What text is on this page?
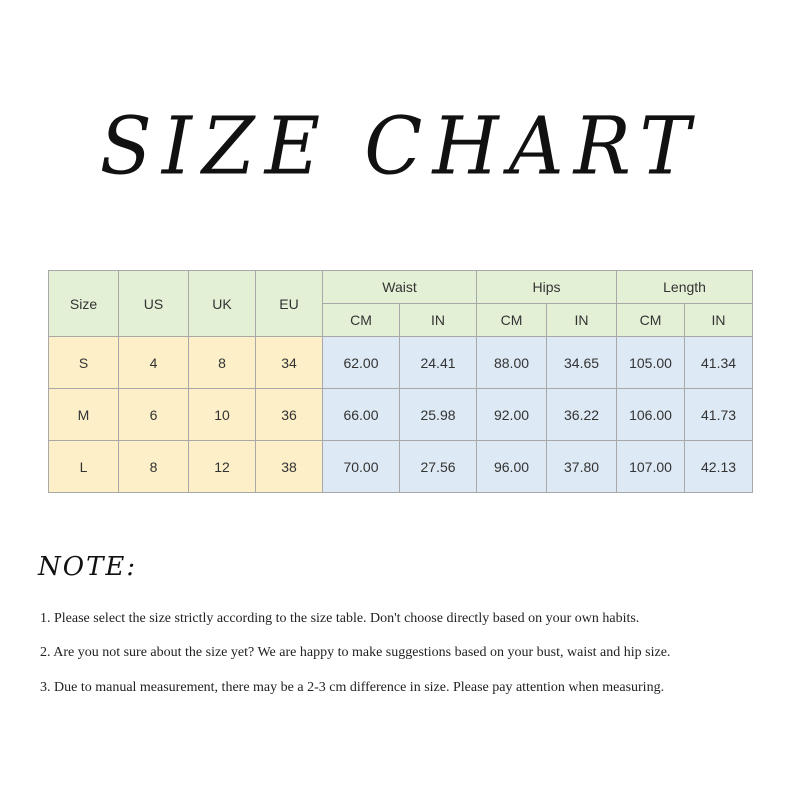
SIZE CHART
Size	US	UK	EU	Waist		Hips		Length	
				CM	IN	CM	IN	CM	IN
S	4	8	34	62.00	24.41	88.00	34.65	105.00	41.34
M	6	10	36	66.00	25.98	92.00	36.22	106.00	41.73
L	8	12	38	70.00	27.56	96.00	37.80	107.00	42.13
NOTE:
1. Please select the size strictly according to the size table. Don't choose directly based on your own habits.
2. Are you not sure about the size yet? We are happy to make suggestions based on your bust, waist and hip size.
3. Due to manual measurement, there may be a 2-3 cm difference in size. Please pay attention when measuring.
